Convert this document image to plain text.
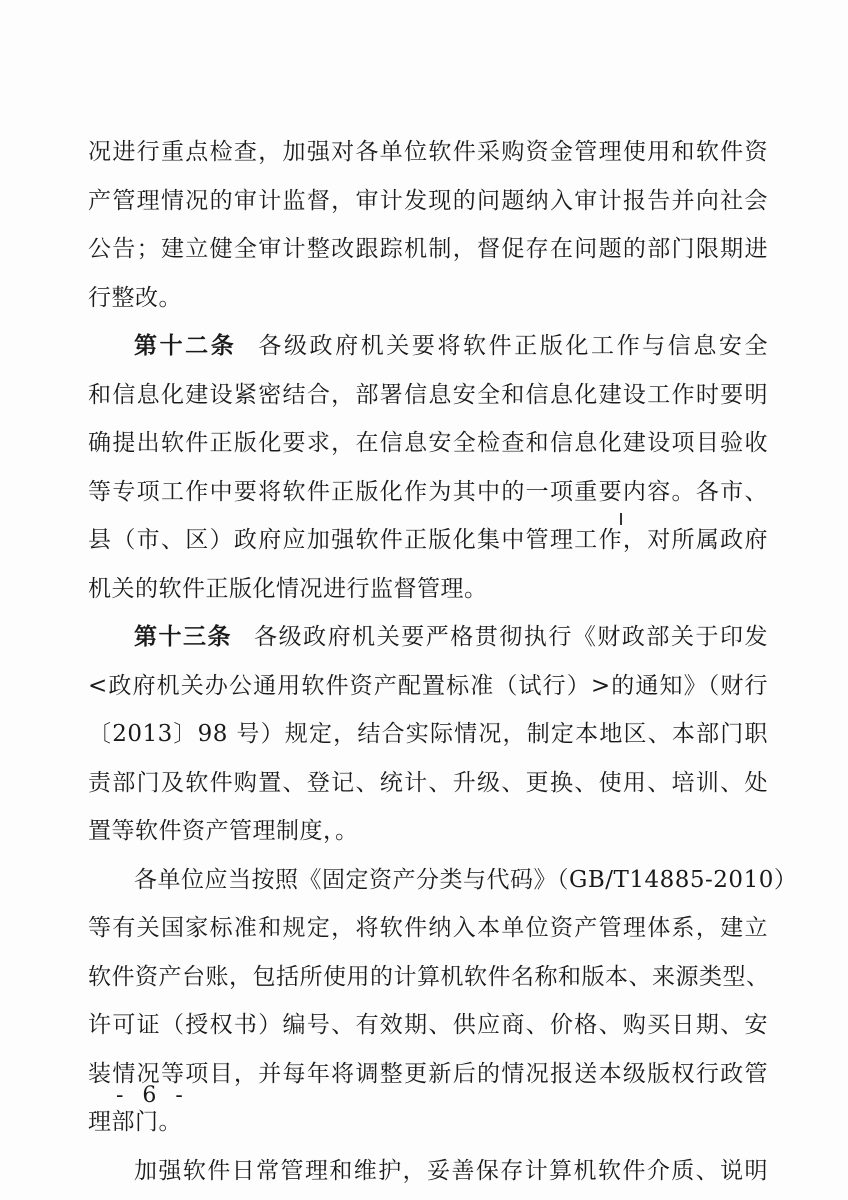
况进行重点检查，加强对各单位软件采购资金管理使用和软件资
产管理情况的审计监督，审计发现的问题纳入审计报告并向社会
公告；建立健全审计整改跟踪机制，督促存在问题的部门限期进
行整改。
第十二条 各级政府机关要将软件正版化工作与信息安全
和信息化建设紧密结合，部署信息安全和信息化建设工作时要明
确提出软件正版化要求，在信息安全检查和信息化建设项目验收
等专项工作中要将软件正版化作为其中的一项重要内容。各市、
县（市、区）政府应加强软件正版化集中管理工作，对所属政府
机关的软件正版化情况进行监督管理。
第十三条 各级政府机关要严格贯彻执行《财政部关于印发
<政府机关办公通用软件资产配置标准（试行）>的通知》（财行
〔2013〕98 号）规定，结合实际情况，制定本地区、本部门职
责部门及软件购置、登记、统计、升级、更换、使用、培训、处
置等软件资产管理制度，。
各单位应当按照《固定资产分类与代码》（GB/T14885-2010）
等有关国家标准和规定，将软件纳入本单位资产管理体系，建立
软件资产台账，包括所使用的计算机软件名称和版本、来源类型、
许可证（授权书）编号、有效期、供应商、价格、购买日期、安
装情况等项目，并每年将调整更新后的情况报送本级版权行政管
理部门。
加强软件日常管理和维护，妥善保存计算机软件介质、说明
- 6 -
